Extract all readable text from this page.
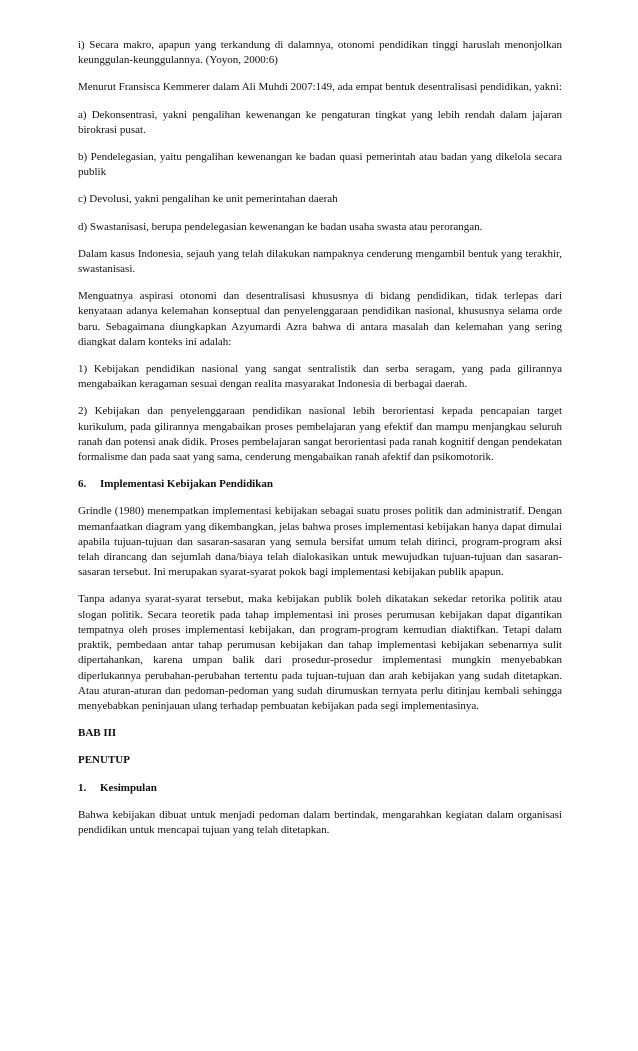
i) Secara makro, apapun yang terkandung di dalamnya, otonomi pendidikan tinggi haruslah menonjolkan keunggulan-keunggulannya. (Yoyon, 2000:6)

Menurut Fransisca Kemmerer dalam Ali Muhdi 2007:149, ada empat bentuk desentralisasi pendidikan, yakni:

a) Dekonsentrasi, yakni pengalihan kewenangan ke pengaturan tingkat yang lebih rendah dalam jajaran birokrasi pusat.

b) Pendelegasian, yaitu pengalihan kewenangan ke badan quasi pemerintah atau badan yang dikelola secara publik

c) Devolusi, yakni pengalihan ke unit pemerintahan daerah

d) Swastanisasi, berupa pendelegasian kewenangan ke badan usaha swasta atau perorangan.

Dalam kasus Indonesia, sejauh yang telah dilakukan nampaknya cenderung mengambil bentuk yang terakhir, swastanisasi.

Menguatnya aspirasi otonomi dan desentralisasi khususnya di bidang pendidikan, tidak terlepas dari kenyataan adanya kelemahan konseptual dan penyelenggaraan pendidikan nasional, khususnya selama orde baru. Sebagaimana diungkapkan Azyumardi Azra bahwa di antara masalah dan kelemahan yang sering diangkat dalam konteks ini adalah:

1) Kebijakan pendidikan nasional yang sangat sentralistik dan serba seragam, yang pada gilirannya mengabaikan keragaman sesuai dengan realita masyarakat Indonesia di berbagai daerah.

2) Kebijakan dan penyelenggaraan pendidikan nasional lebih berorientasi kepada pencapaian target kurikulum, pada gilirannya mengabaikan proses pembelajaran yang efektif dan mampu menjangkau seluruh ranah dan potensi anak didik. Proses pembelajaran sangat berorientasi pada ranah kognitif dengan pendekatan formalisme dan pada saat yang sama, cenderung mengabaikan ranah afektif dan psikomotorik.

6. Implementasi Kebijakan Pendidikan

Grindle (1980) menempatkan implementasi kebijakan sebagai suatu proses politik dan administratif. Dengan memanfaatkan diagram yang dikembangkan, jelas bahwa proses implementasi kebijakan hanya dapat dimulai apabila tujuan-tujuan dan sasaran-sasaran yang semula bersifat umum telah dirinci, program-program aksi telah dirancang dan sejumlah dana/biaya telah dialokasikan untuk mewujudkan tujuan-tujuan dan sasaran-sasaran tersebut. Ini merupakan syarat-syarat pokok bagi implementasi kebijakan publik apapun.

Tanpa adanya syarat-syarat tersebut, maka kebijakan publik boleh dikatakan sekedar retorika politik atau slogan politik. Secara teoretik pada tahap implementasi ini proses perumusan kebijakan dapat digantikan tempatnya oleh proses implementasi kebijakan, dan program-program kemudian diaktifkan. Tetapi dalam praktik, pembedaan antar tahap perumusan kebijakan dan tahap implementasi kebijakan sebenarnya sulit dipertahankan, karena umpan balik dari prosedur-prosedur implementasi mungkin menyebabkan diperlukannya perubahan-perubahan tertentu pada tujuan-tujuan dan arah kebijakan yang sudah ditetapkan. Atau aturan-aturan dan pedoman-pedoman yang sudah dirumuskan ternyata perlu ditinjau kembali sehingga menyebabkan peninjauan ulang terhadap pembuatan kebijakan pada segi implementasinya.

BAB III

PENUTUP

1. Kesimpulan

Bahwa kebijakan dibuat untuk menjadi pedoman dalam bertindak, mengarahkan kegiatan dalam organisasi pendidikan untuk mencapai tujuan yang telah ditetapkan.
